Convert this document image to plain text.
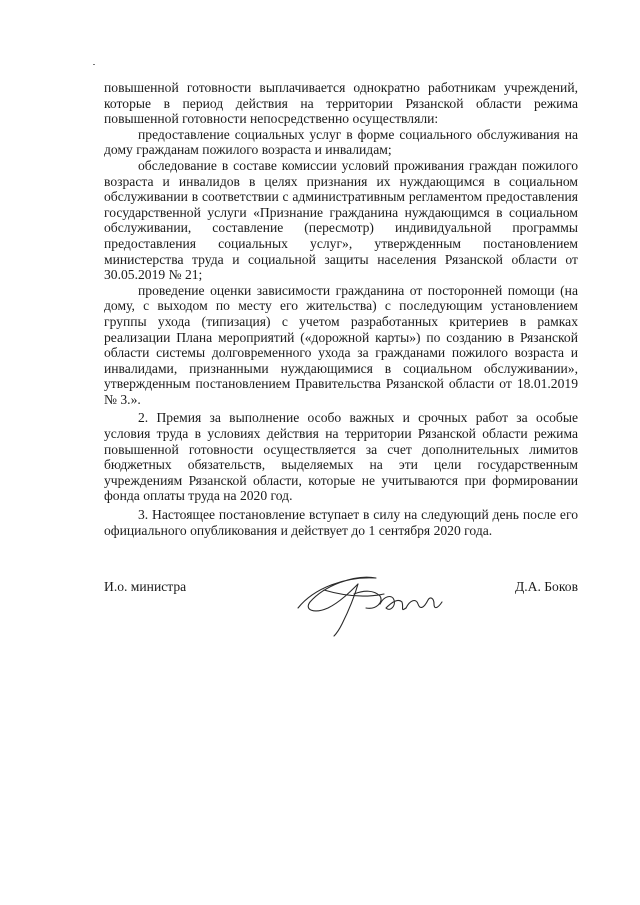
повышенной готовности выплачивается однократно работникам учреждений, которые в период действия на территории Рязанской области режима повышенной готовности непосредственно осуществляли:

предоставление социальных услуг в форме социального обслуживания на дому гражданам пожилого возраста и инвалидам;

обследование в составе комиссии условий проживания граждан пожилого возраста и инвалидов в целях признания их нуждающимся в социальном обслуживании в соответствии с административным регламентом предоставления государственной услуги «Признание гражданина нуждающимся в социальном обслуживании, составление (пересмотр) индивидуальной программы предоставления социальных услуг», утвержденным постановлением министерства труда и социальной защиты населения Рязанской области от 30.05.2019 № 21;

проведение оценки зависимости гражданина от посторонней помощи (на дому, с выходом по месту его жительства) с последующим установлением группы ухода (типизация) с учетом разработанных критериев в рамках реализации Плана мероприятий («дорожной карты») по созданию в Рязанской области системы долговременного ухода за гражданами пожилого возраста и инвалидами, признанными нуждающимися в социальном обслуживании», утвержденным постановлением Правительства Рязанской области от 18.01.2019 № 3.».

2. Премия за выполнение особо важных и срочных работ за особые условия труда в условиях действия на территории Рязанской области режима повышенной готовности осуществляется за счет дополнительных лимитов бюджетных обязательств, выделяемых на эти цели государственным учреждениям Рязанской области, которые не учитываются при формировании фонда оплаты труда на 2020 год.

3. Настоящее постановление вступает в силу на следующий день после его официального опубликования и действует до 1 сентября 2020 года.

И.о. министра	Д.А. Боков
